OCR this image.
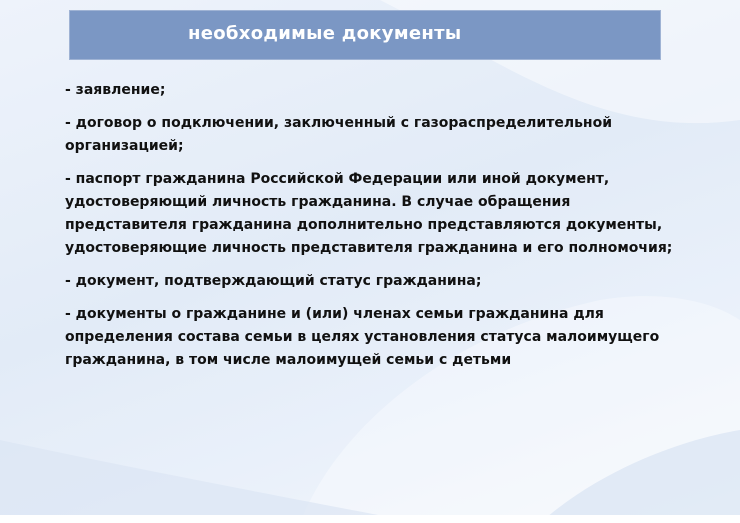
необходимые документы
- заявление;
- договор о подключении, заключенный с газораспределительной организацией;
- паспорт гражданина Российской Федерации или иной документ, удостоверяющий личность гражданина. В случае обращения представителя гражданина дополнительно представляются документы, удостоверяющие личность представителя гражданина и его полномочия;
- документ, подтверждающий статус гражданина;
- документы о гражданине и (или) членах семьи гражданина для определения состава семьи в целях установления статуса малоимущего гражданина, в том числе малоимущей семьи с детьми
